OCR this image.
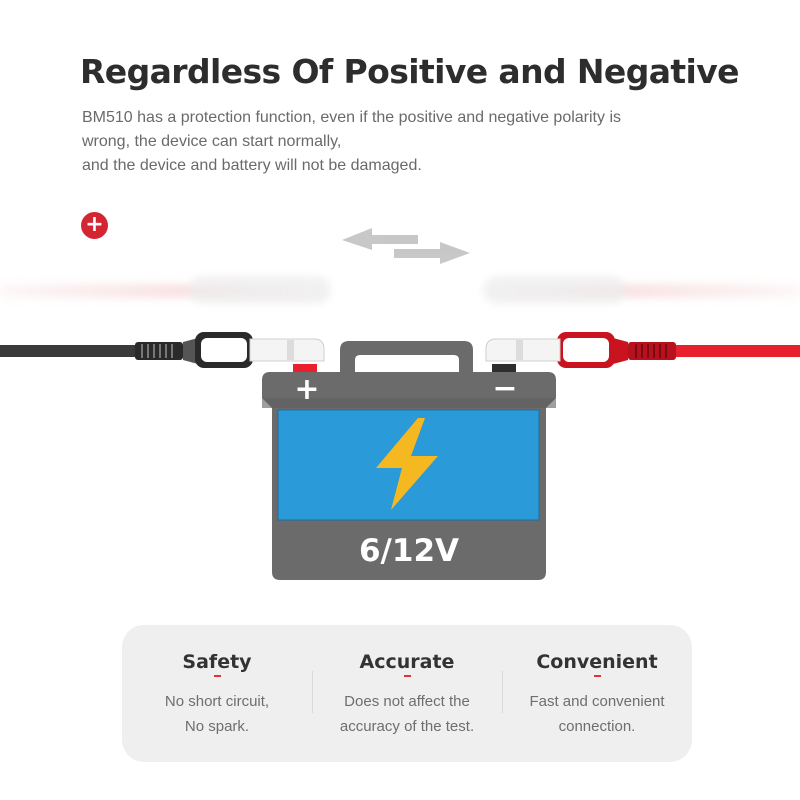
Regardless Of Positive and Negative
BM510 has a protection function, even if the positive and negative polarity is
wrong, the device can start normally,
and the device and battery will not be damaged.
+
+	−
6/12V
Safety
No short circuit,
No spark.
Accurate
Does not affect the
accuracy of the test.
Convenient
Fast and convenient
connection.
